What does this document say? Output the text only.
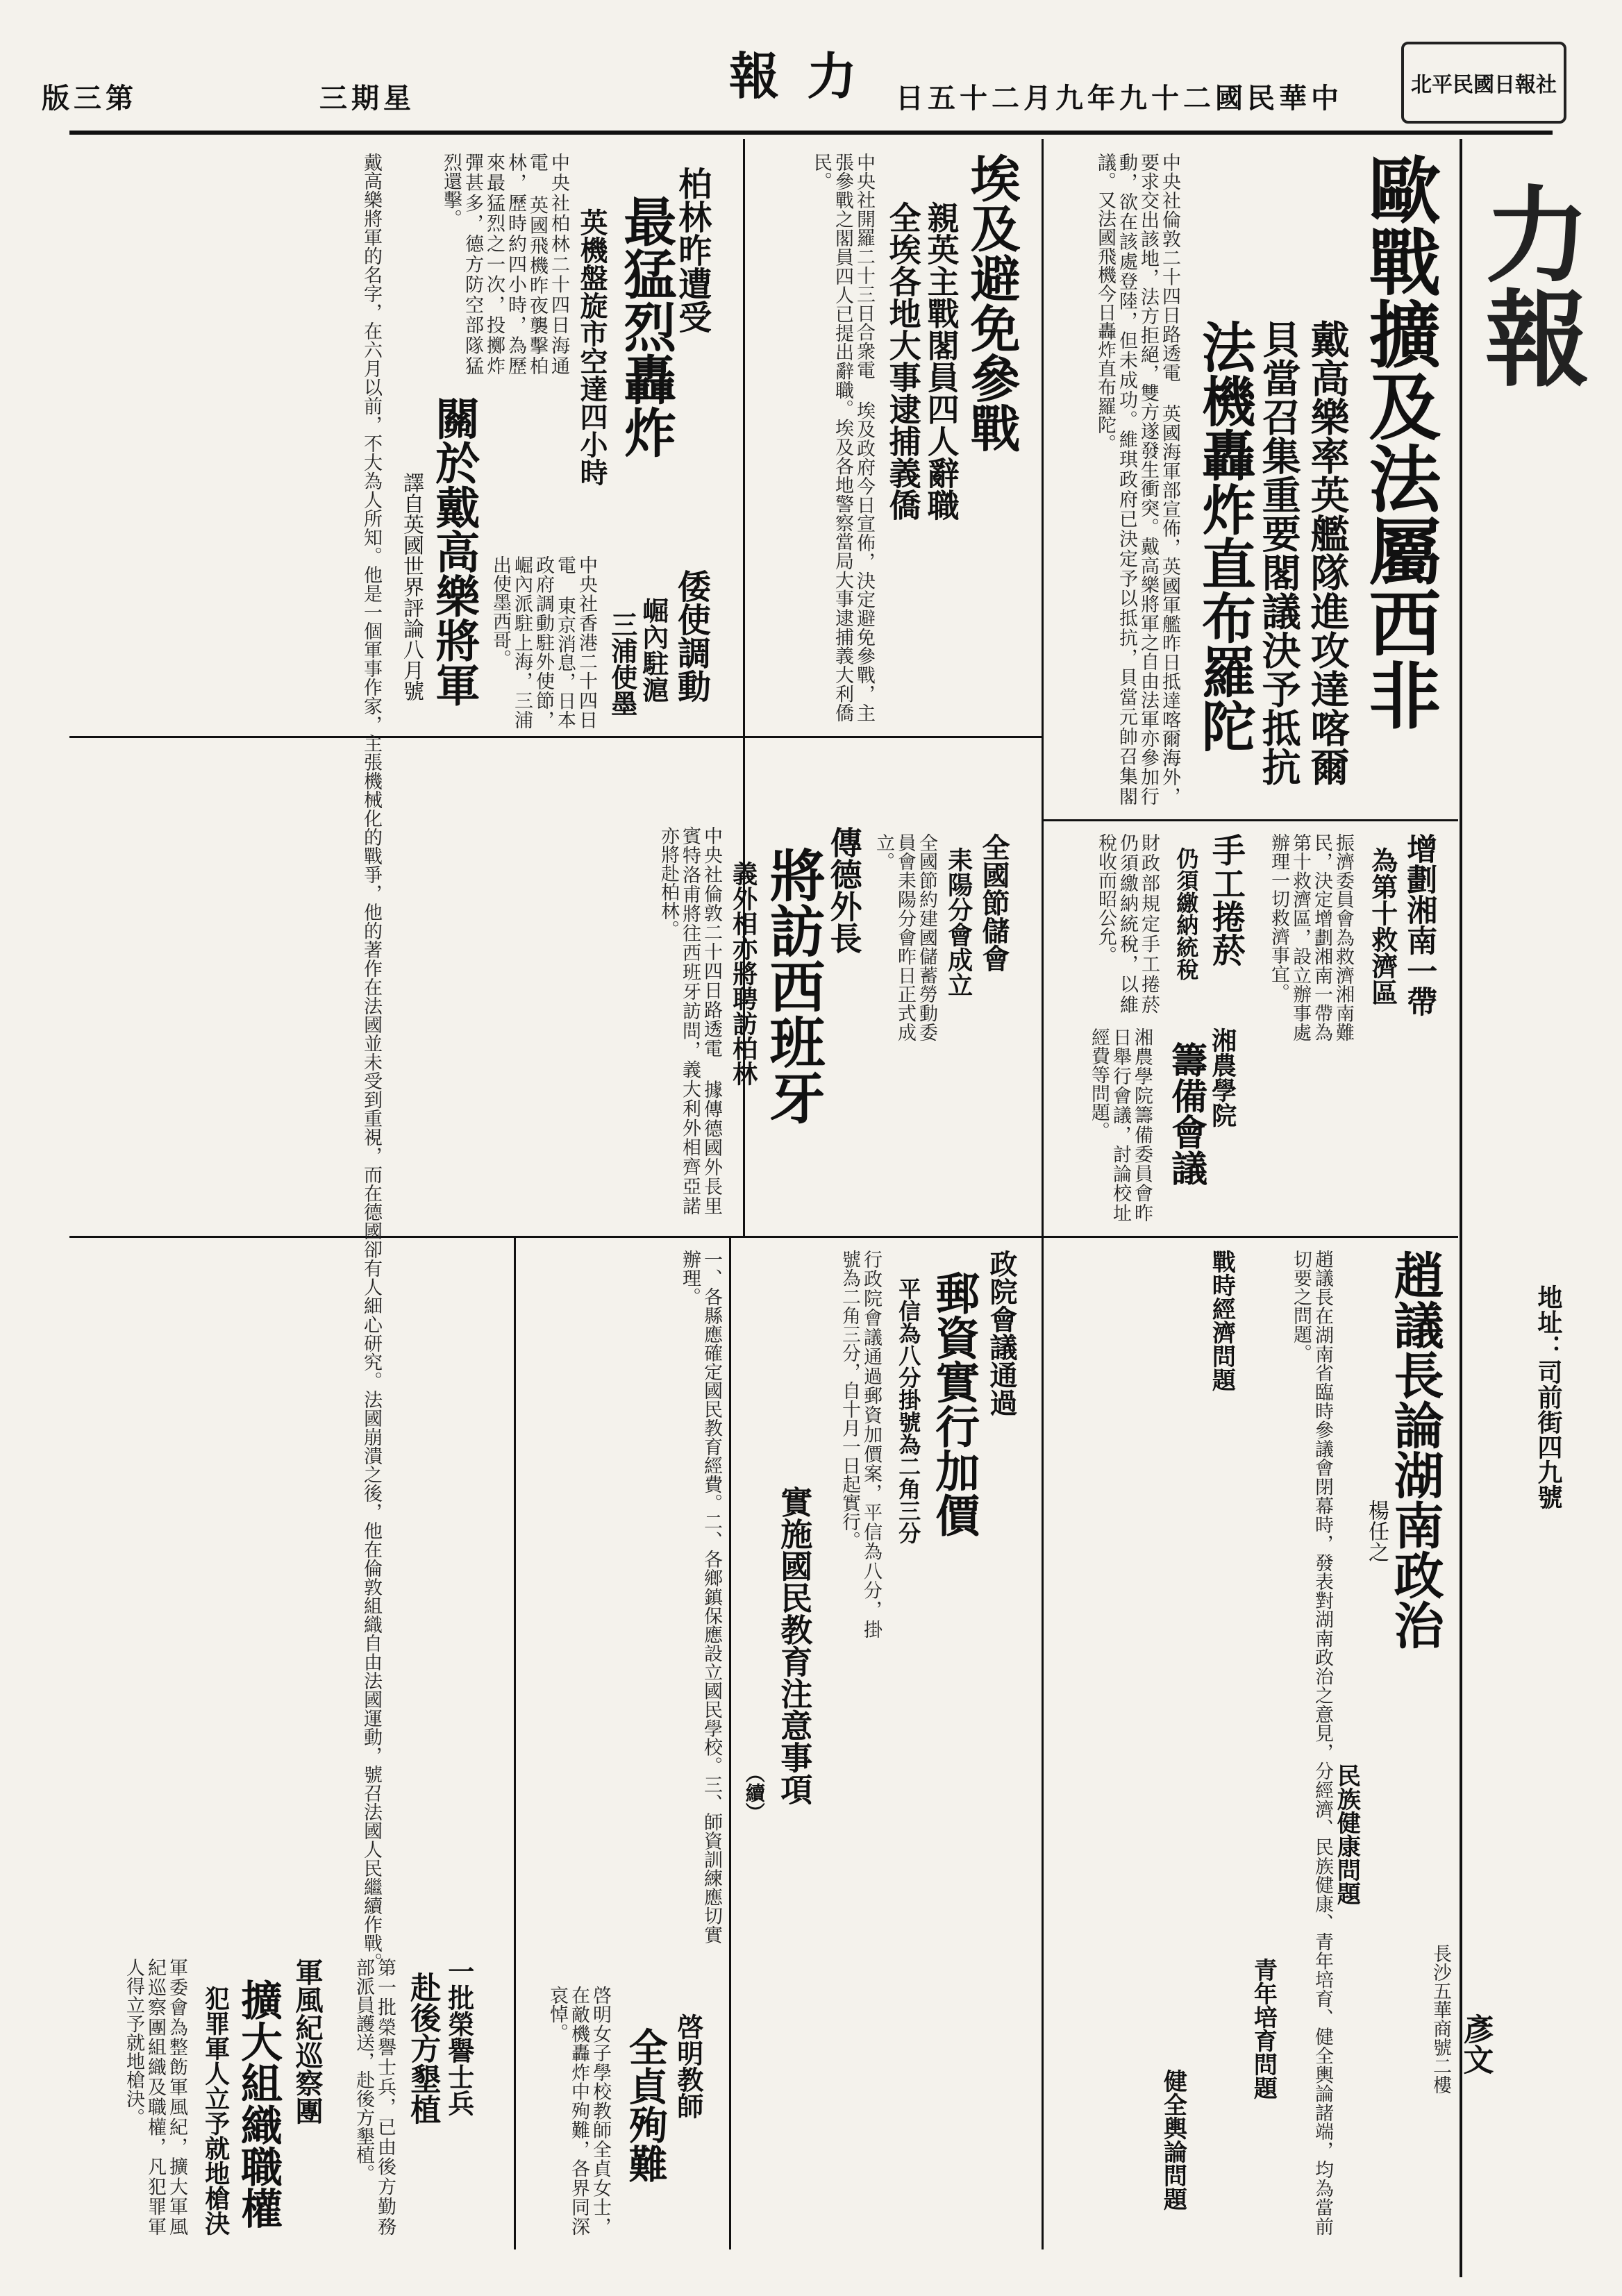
報力	北平民國日報社
版三第	三期星	日五十二月九年九十二國民華中
力報
地址：司前街四九號
歐戰擴及法屬西非
戴高樂率英艦隊進攻達喀爾
貝當召集重要閣議決予抵抗
法機轟炸直布羅陀
中央社倫敦二十四日路透電 英國海軍部宣佈，英國軍艦昨日抵達喀爾海外，要求交出該地，法方拒絕，雙方遂發生衝突。戴高樂將軍之自由法軍亦參加行動，欲在該處登陸，但未成功。維琪政府已決定予以抵抗，貝當元帥召集閣議。又法國飛機今日轟炸直布羅陀。
埃及避免參戰
親英主戰閣員四人辭職
全埃各地大事逮捕義僑
中央社開羅二十三日合衆電 埃及政府今日宣佈，決定避免參戰，主張參戰之閣員四人已提出辭職。埃及各地警察當局大事逮捕義大利僑民。
柏林昨遭受
最猛烈轟炸
英機盤旋市空達四小時
中央社柏林二十四日海通電 英國飛機昨夜襲擊柏林，歷時約四小時，為歷來最猛烈之一次，投擲炸彈甚多，德方防空部隊猛烈還擊。
倭使調動
崛內駐滬
三浦使墨
中央社香港二十四日電 東京消息，日本政府調動駐外使節，崛內派駐上海，三浦出使墨西哥。
關於戴高樂將軍
譯自英國世界評論八月號
戴高樂將軍的名字，在六月以前，不大為人所知。他是一個軍事作家，主張機械化的戰爭，他的著作在法國並未受到重視，而在德國卻有人細心研究。法國崩潰之後，他在倫敦組織自由法國運動，號召法國人民繼續作戰。	傳德外長
將訪西班牙
義外相亦將聘訪柏林
中央社倫敦二十四日路透電 據傳德國外長里賓特洛甫將往西班牙訪問，義大利外相齊亞諾亦將赴柏林。	增劃湘南一帶
為第十救濟區
振濟委員會為救濟湘南難民，決定增劃湘南一帶為第十救濟區，設立辦事處辦理一切救濟事宜。
手工捲菸
仍須繳納統稅
財政部規定手工捲菸仍須繳納統稅，以維稅收而昭公允。
全國節儲會
耒陽分會成立
全國節約建國儲蓄勞動委員會耒陽分會昨日正式成立。
湘農學院
籌備會議
湘農學院籌備委員會昨日舉行會議，討論校址經費等問題。
趙議長論湖南政治
楊任之
戰時經濟問題
民族健康問題
青年培育問題
健全輿論問題	趙議長在湖南省臨時參議會閉幕時，發表對湖南政治之意見，分經濟、民族健康、青年培育、健全輿論諸端，均為當前切要之問題。
政院會議通過
郵資實行加價
平信為八分掛號為二角三分
行政院會議通過郵資加價案，平信為八分，掛號為二角三分，自十月一日起實行。
實施國民教育注意事項
（續）
一、各縣應確定國民教育經費。二、各鄉鎮保應設立國民學校。三、師資訓練應切實辦理。
軍風紀巡察團
擴大組織職權
犯罪軍人立予就地槍決
軍委會為整飭軍風紀，擴大軍風紀巡察團組織及職權，凡犯罪軍人得立予就地槍決。	一批榮譽士兵
赴後方墾植
第一批榮譽士兵，已由後方勤務部派員護送，赴後方墾植。	啓明教師
全貞殉難
啓明女子學校教師全貞女士，在敵機轟炸中殉難，各界同深哀悼。	彥文
長沙五華商號二樓
